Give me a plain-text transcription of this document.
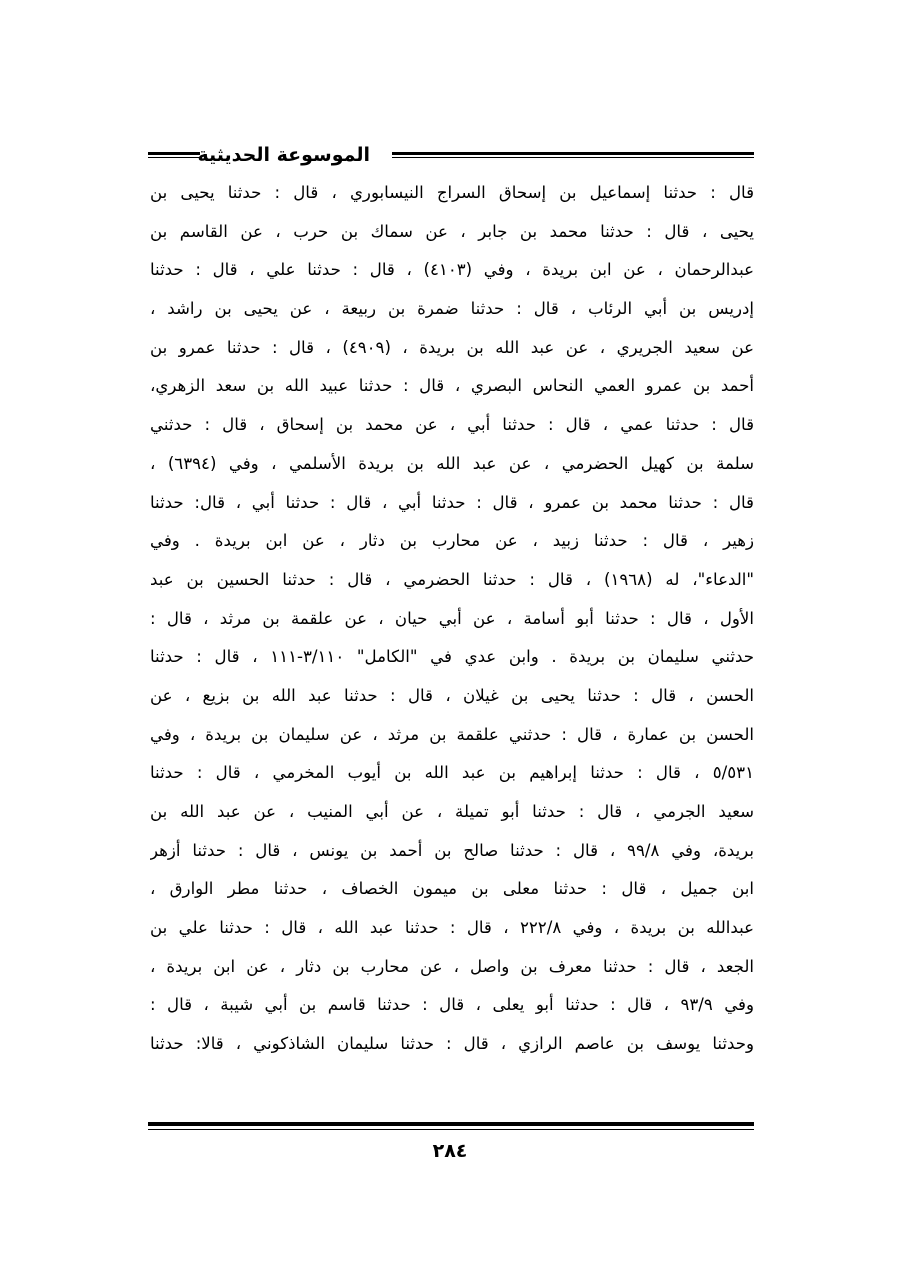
الموسوعة الحديثية
قال : حدثنا إسماعيل بن إسحاق السراج النيسابوري ، قال : حدثنا يحيى بن
يحيى ، قال : حدثنا محمد بن جابر ، عن سماك بن حرب ، عن القاسم بن
عبدالرحمان ، عن ابن بريدة ، وفي (٤١٠٣) ، قال : حدثنا علي ، قال : حدثنا
إدريس بن أبي الرئاب ، قال : حدثنا ضمرة بن ربيعة ، عن يحيى بن راشد ،
عن سعيد الجريري ، عن عبد الله بن بريدة ، (٤٩٠٩) ، قال : حدثنا عمرو بن
أحمد بن عمرو العمي النحاس البصري ، قال : حدثنا عبيد الله بن سعد الزهري،
قال : حدثنا عمي ، قال : حدثنا أبي ، عن محمد بن إسحاق ، قال : حدثني
سلمة بن كهيل الحضرمي ، عن عبد الله بن بريدة الأسلمي ، وفي (٦٣٩٤) ،
قال : حدثنا محمد بن عمرو ، قال : حدثنا أبي ، قال : حدثنا أبي ، قال: حدثنا
زهير ، قال : حدثنا زبيد ، عن محارب بن دثار ، عن ابن بريدة . وفي
"الدعاء"، له (١٩٦٨) ، قال : حدثنا الحضرمي ، قال : حدثنا الحسين بن عبد
الأول ، قال : حدثنا أبو أسامة ، عن أبي حيان ، عن علقمة بن مرثد ، قال :
حدثني سليمان بن بريدة . وابن عدي في "الكامل" ٣/١١٠-١١١ ، قال : حدثنا
الحسن ، قال : حدثنا يحيى بن غيلان ، قال : حدثنا عبد الله بن بزيع ، عن
الحسن بن عمارة ، قال : حدثني علقمة بن مرثد ، عن سليمان بن بريدة ، وفي
٥/٥٣١ ، قال : حدثنا إبراهيم بن عبد الله بن أيوب المخرمي ، قال : حدثنا
سعيد الجرمي ، قال : حدثنا أبو تميلة ، عن أبي المنيب ، عن عبد الله بن
بريدة، وفي ٩٩/٨ ، قال : حدثنا صالح بن أحمد بن يونس ، قال : حدثنا أزهر
ابن جميل ، قال : حدثنا معلى بن ميمون الخصاف ، حدثنا مطر الوارق ،
عبدالله بن بريدة ، وفي ٢٢٢/٨ ، قال : حدثنا عبد الله ، قال : حدثنا علي بن
الجعد ، قال : حدثنا معرف بن واصل ، عن محارب بن دثار ، عن ابن بريدة ،
وفي ٩٣/٩ ، قال : حدثنا أبو يعلى ، قال : حدثنا قاسم بن أبي شيبة ، قال :
وحدثنا يوسف بن عاصم الرازي ، قال : حدثنا سليمان الشاذكوني ، قالا: حدثنا
٢٨٤
